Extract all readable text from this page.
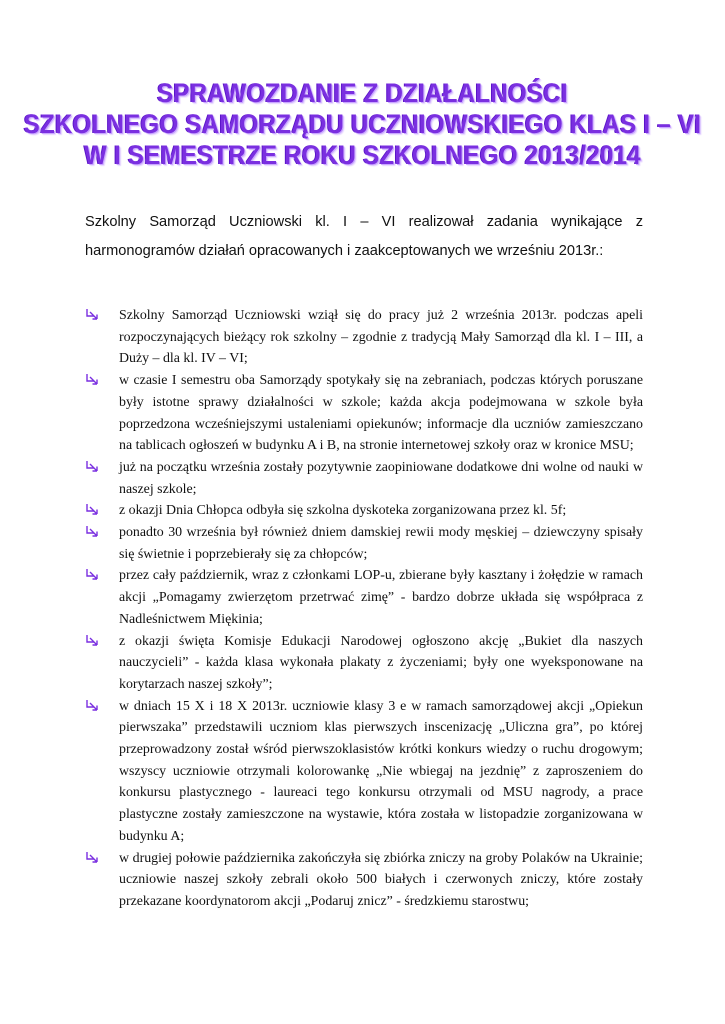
SPRAWOZDANIE Z DZIAŁALNOŚCI
SZKOLNEGO SAMORZĄDU UCZNIOWSKIEGO KLAS I – VI
W I SEMESTRZE ROKU SZKOLNEGO 2013/2014
Szkolny Samorząd Uczniowski kl. I – VI realizował zadania wynikające z harmonogramów działań opracowanych i zaakceptowanych we wrześniu 2013r.:
Szkolny Samorząd Uczniowski wziął się do pracy już 2 września 2013r. podczas apeli rozpoczynających bieżący rok szkolny – zgodnie z tradycją Mały Samorząd dla kl. I – III, a Duży – dla kl. IV – VI;
w czasie I semestru oba Samorządy spotykały się na zebraniach, podczas których poruszane były istotne sprawy działalności w szkole; każda akcja podejmowana w szkole była poprzedzona wcześniejszymi ustaleniami opiekunów; informacje dla uczniów zamieszczano na tablicach ogłoszeń w budynku A i B, na stronie internetowej szkoły oraz w kronice MSU;
już na początku września zostały pozytywnie zaopiniowane dodatkowe dni wolne od nauki w naszej szkole;
z okazji Dnia Chłopca odbyła się szkolna dyskoteka zorganizowana przez kl. 5f;
ponadto 30 września był również dniem damskiej rewii mody męskiej – dziewczyny spisały się świetnie i poprzebierały się za chłopców;
przez cały październik, wraz z członkami LOP-u, zbierane były kasztany i żołędzie w ramach akcji „Pomagamy zwierzętom przetrwać zimę” - bardzo dobrze układa się współpraca z Nadleśnictwem Miękinia;
z okazji święta Komisje Edukacji Narodowej ogłoszono akcję „Bukiet dla naszych nauczycieli” - każda klasa wykonała plakaty z życzeniami; były one wyeksponowane na korytarzach naszej szkoły”;
w dniach 15 X i 18 X 2013r. uczniowie klasy 3 e w ramach samorządowej akcji „Opiekun pierwszaka” przedstawili uczniom klas pierwszych inscenizację „Uliczna gra”, po której przeprowadzony został wśród pierwszoklasistów krótki konkurs wiedzy o ruchu drogowym; wszyscy uczniowie otrzymali kolorowankę „Nie wbiegaj na jezdnię” z zaproszeniem do konkursu plastycznego - laureaci tego konkursu otrzymali od MSU nagrody, a prace plastyczne zostały zamieszczone na wystawie, która została w listopadzie zorganizowana w budynku A;
w drugiej połowie października zakończyła się zbiórka zniczy na groby Polaków na Ukrainie; uczniowie naszej szkoły zebrali około 500 białych i czerwonych zniczy, które zostały przekazane koordynatorom akcji „Podaruj znicz” - średzkiemu starostwu;
